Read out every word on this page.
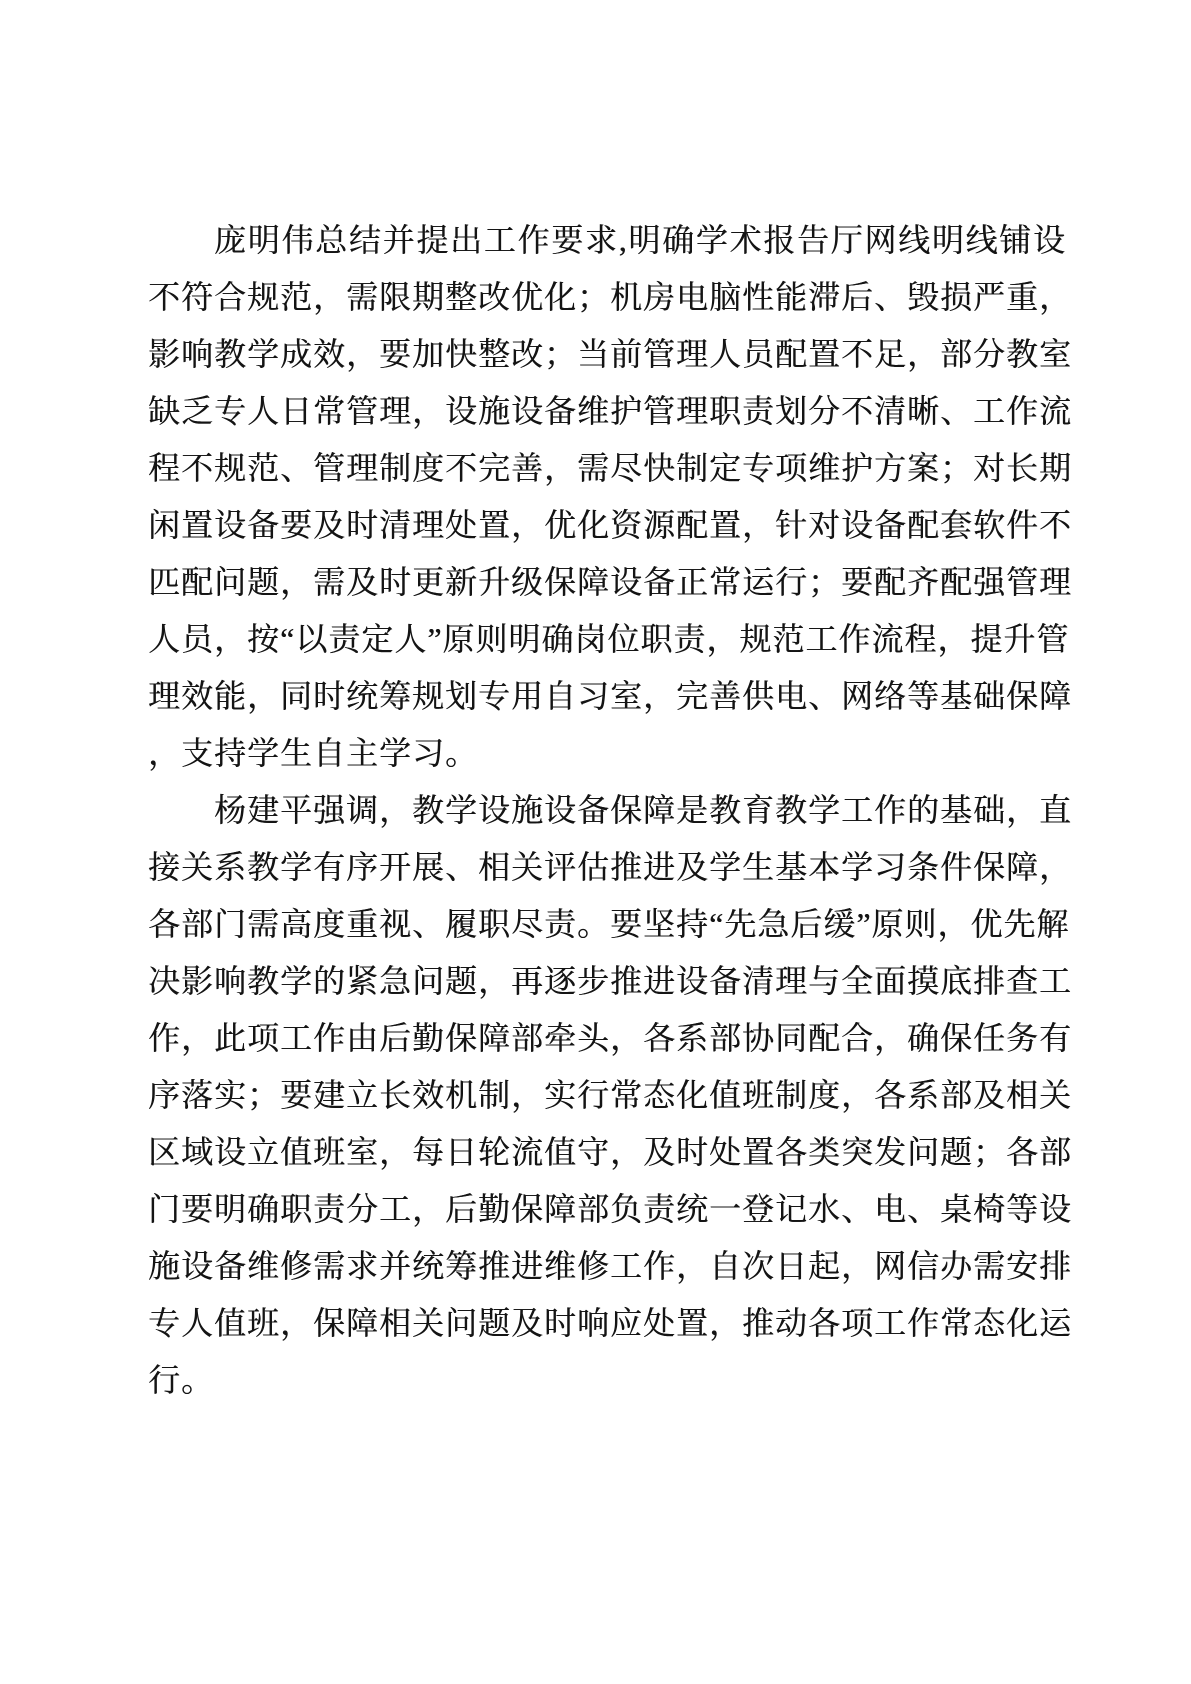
庞明伟总结并提出工作要求,明确学术报告厅网线明线铺设
不符合规范，需限期整改优化；机房电脑性能滞后、毁损严重，
影响教学成效，要加快整改；当前管理人员配置不足，部分教室
缺乏专人日常管理，设施设备维护管理职责划分不清晰、工作流
程不规范、管理制度不完善，需尽快制定专项维护方案；对长期
闲置设备要及时清理处置，优化资源配置，针对设备配套软件不
匹配问题，需及时更新升级保障设备正常运行；要配齐配强管理
人员，按“以责定人”原则明确岗位职责，规范工作流程，提升管
理效能，同时统筹规划专用自习室，完善供电、网络等基础保障
，支持学生自主学习。
杨建平强调，教学设施设备保障是教育教学工作的基础，直
接关系教学有序开展、相关评估推进及学生基本学习条件保障，
各部门需高度重视、履职尽责。要坚持“先急后缓”原则，优先解
决影响教学的紧急问题，再逐步推进设备清理与全面摸底排查工
作，此项工作由后勤保障部牵头，各系部协同配合，确保任务有
序落实；要建立长效机制，实行常态化值班制度，各系部及相关
区域设立值班室，每日轮流值守，及时处置各类突发问题；各部
门要明确职责分工，后勤保障部负责统一登记水、电、桌椅等设
施设备维修需求并统筹推进维修工作，自次日起，网信办需安排
专人值班，保障相关问题及时响应处置，推动各项工作常态化运
行。
